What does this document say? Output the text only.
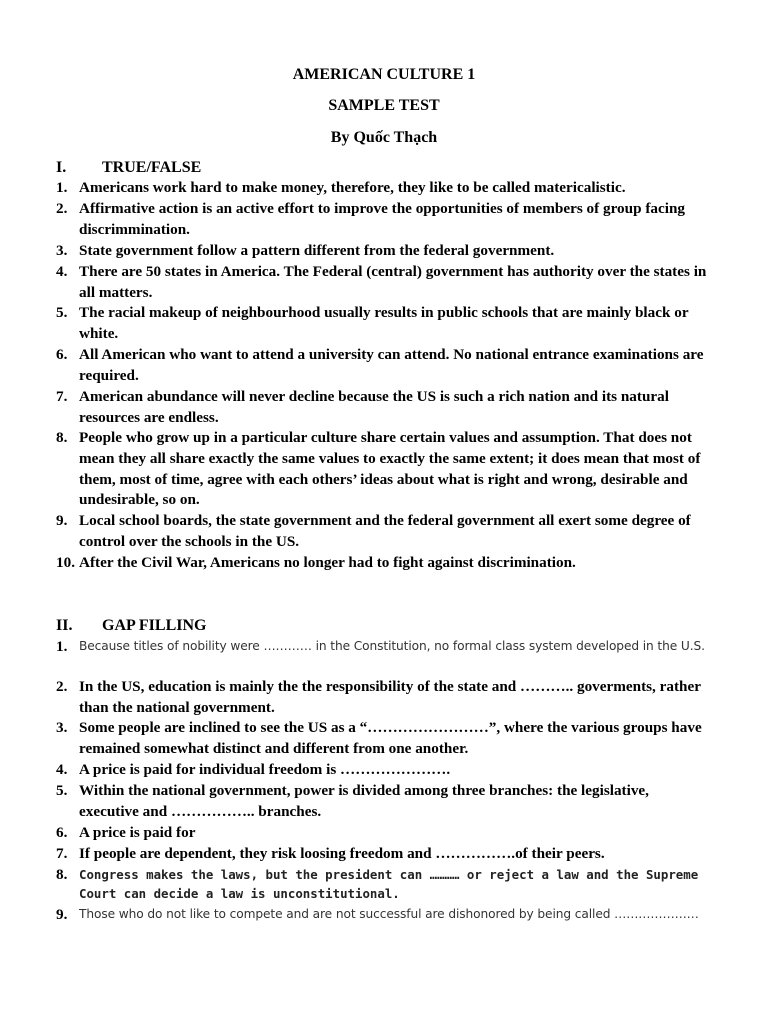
AMERICAN CULTURE 1
SAMPLE TEST
By Quốc Thạch
I. TRUE/FALSE
1. Americans work hard to make money, therefore, they like to be called matericalistic.
2. Affirmative action is an active effort to improve the opportunities of members of group facing discrimmination.
3. State government follow a pattern different from the federal government.
4. There are 50 states in America. The Federal (central) government has authority over the states in all matters.
5. The racial makeup of neighbourhood usually results in public schools that are mainly black or white.
6. All American who want to attend a university can attend. No national entrance examinations are required.
7. American abundance will never decline because the US is such a rich nation and its natural resources are endless.
8. People who grow up in a particular culture share certain values and assumption. That does not mean they all share exactly the same values to exactly the same extent; it does mean that most of them, most of time, agree with each others’ ideas about what is right and wrong, desirable and undesirable, so on.
9. Local school boards, the state government and the federal government all exert some degree of control over the schools in the US.
10. After the Civil War, Americans no longer had to fight against discrimination.
II. GAP FILLING
1. Because titles of nobility were ………… in the Constitution, no formal class system developed in the U.S.
2. In the US, education is mainly the the responsibility of the state and ……….. goverments, rather than the national government.
3. Some people are inclined to see the US as a “……………………”, where the various groups have remained somewhat distinct and different from one another.
4. A price is paid for individual freedom is ………………….
5. Within the national government, power is divided among three branches: the legislative, executive and …………….. branches.
6. A price is paid for
7. If people are dependent, they risk loosing freedom and …………….of their peers.
8. Congress makes the laws, but the president can ………… or reject a law and the Supreme Court can decide a law is unconstitutional.
9. Those who do not like to compete and are not successful are dishonored by being called …………………
